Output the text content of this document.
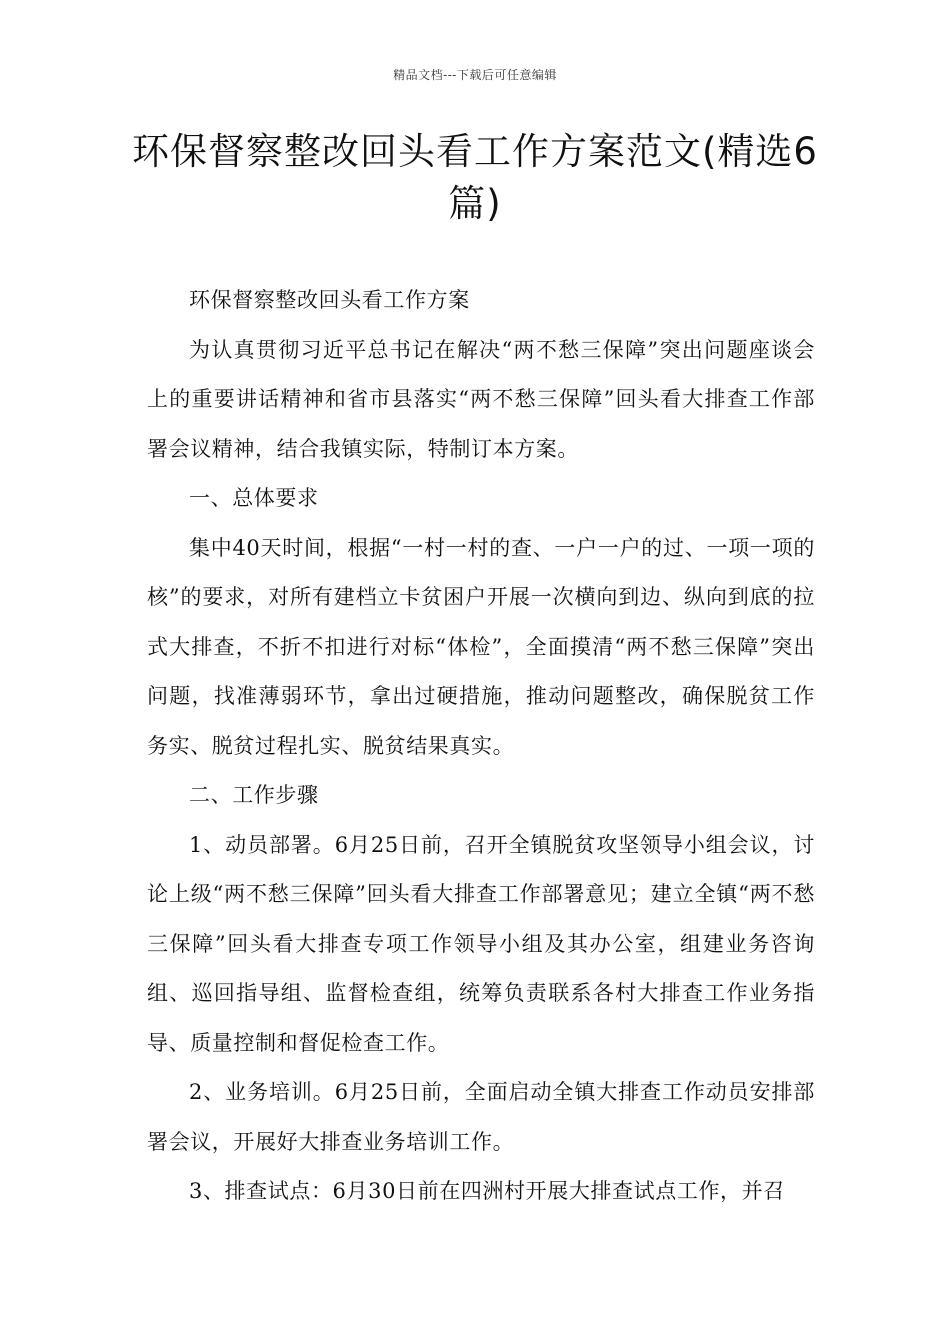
精品文档---下载后可任意编辑
环保督察整改回头看工作方案范文(精选6篇)

环保督察整改回头看工作方案

为认真贯彻习近平总书记在解决“两不愁三保障”突出问题座谈会上的重要讲话精神和省市县落实“两不愁三保障”回头看大排查工作部署会议精神，结合我镇实际，特制订本方案。

一、总体要求

集中40天时间，根据“一村一村的查、一户一户的过、一项一项的核”的要求，对所有建档立卡贫困户开展一次横向到边、纵向到底的拉式大排查，不折不扣进行对标“体检”，全面摸清“两不愁三保障”突出问题，找准薄弱环节，拿出过硬措施，推动问题整改，确保脱贫工作务实、脱贫过程扎实、脱贫结果真实。

二、工作步骤

1、动员部署。6月25日前，召开全镇脱贫攻坚领导小组会议，讨论上级“两不愁三保障”回头看大排查工作部署意见；建立全镇“两不愁三保障”回头看大排查专项工作领导小组及其办公室，组建业务咨询组、巡回指导组、监督检查组，统筹负责联系各村大排查工作业务指导、质量控制和督促检查工作。

2、业务培训。6月25日前，全面启动全镇大排查工作动员安排部署会议，开展好大排查业务培训工作。

3、排查试点：6月30日前在四洲村开展大排查试点工作，并召
